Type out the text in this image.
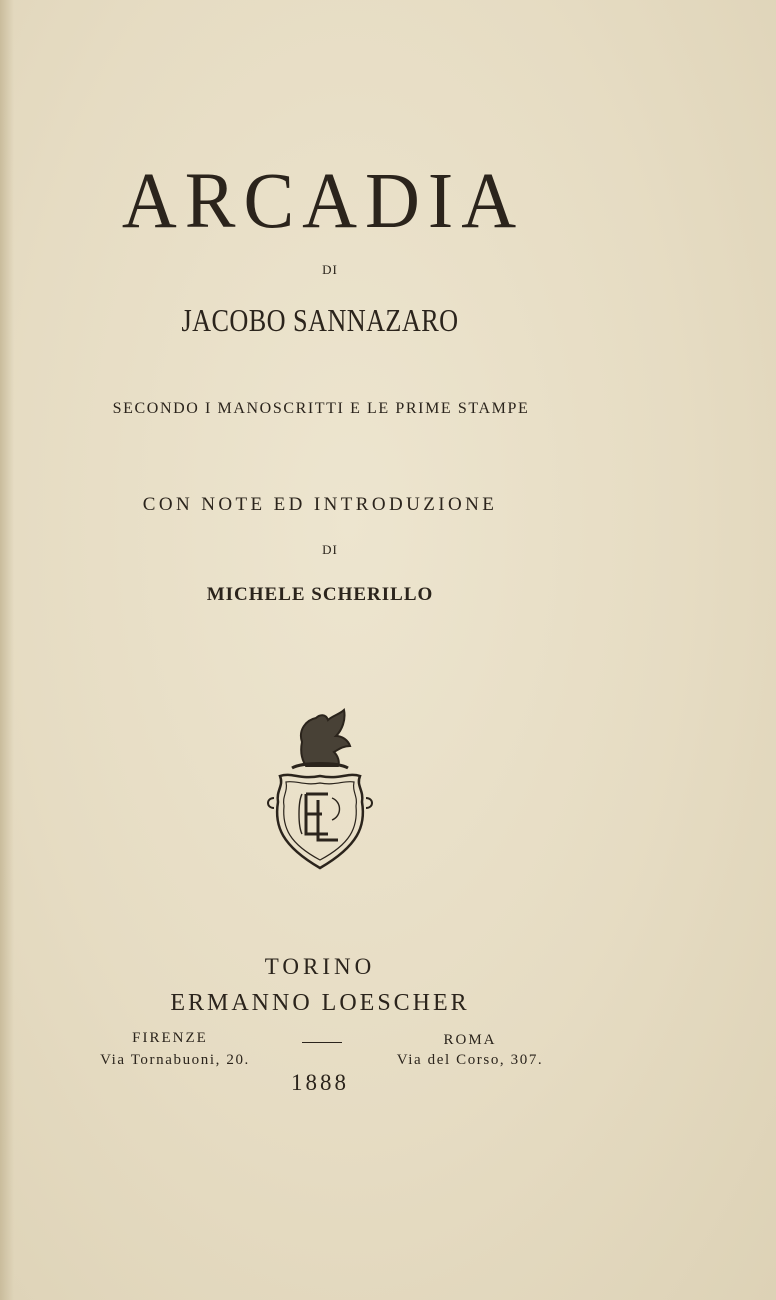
ARCADIA
DI
JACOBO SANNAZARO
SECONDO I MANOSCRITTI E LE PRIME STAMPE
CON NOTE ED INTRODUZIONE
DI
MICHELE SCHERILLO
TORINO
ERMANNO LOESCHER
FIRENZE	ROMA
Via Tornabuoni, 20.	Via del Corso, 307.
1888
